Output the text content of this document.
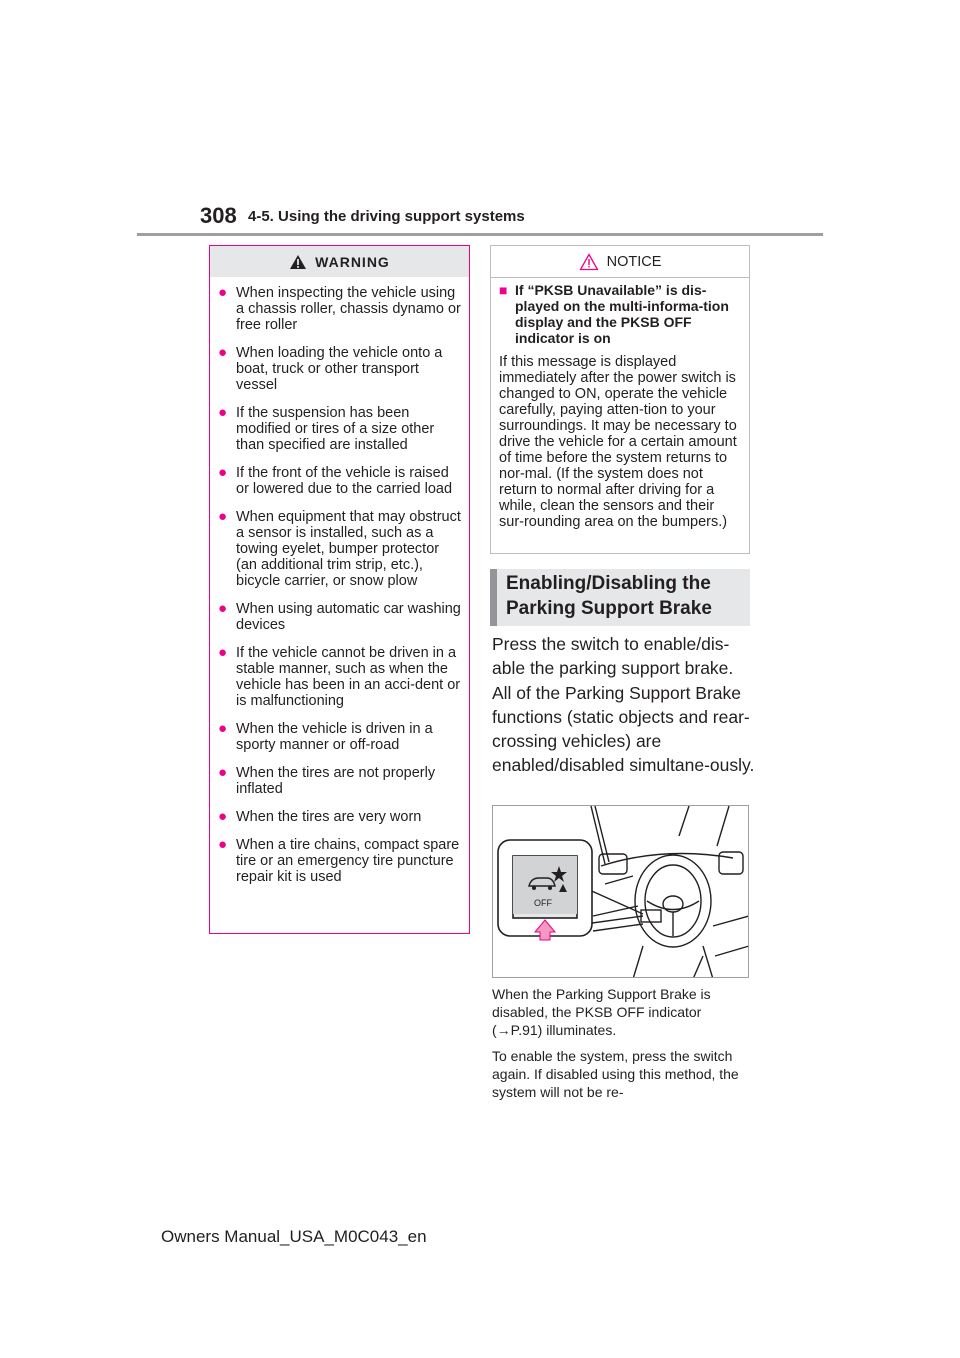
308 4-5. Using the driving support systems
WARNING
● When inspecting the vehicle using a chassis roller, chassis dynamo or free roller
● When loading the vehicle onto a boat, truck or other transport vessel
● If the suspension has been modified or tires of a size other than specified are installed
● If the front of the vehicle is raised or lowered due to the carried load
● When equipment that may obstruct a sensor is installed, such as a towing eyelet, bumper protector (an additional trim strip, etc.), bicycle carrier, or snow plow
● When using automatic car washing devices
● If the vehicle cannot be driven in a stable manner, such as when the vehicle has been in an acci-dent or is malfunctioning
● When the vehicle is driven in a sporty manner or off-road
● When the tires are not properly inflated
● When the tires are very worn
● When a tire chains, compact spare tire or an emergency tire puncture repair kit is used
NOTICE
■ If “PKSB Unavailable” is dis-played on the multi-informa-tion display and the PKSB OFF indicator is on
If this message is displayed immediately after the power switch is changed to ON, operate the vehicle carefully, paying atten-tion to your surroundings. It may be necessary to drive the vehicle for a certain amount of time before the system returns to nor-mal. (If the system does not return to normal after driving for a while, clean the sensors and their sur-rounding area on the bumpers.)
Enabling/Disabling the Parking Support Brake
Press the switch to enable/dis-able the parking support brake.
All of the Parking Support Brake functions (static objects and rear-crossing vehicles) are enabled/disabled simultane-ously.
OFF
When the Parking Support Brake is disabled, the PKSB OFF indicator (→P.91) illuminates.
To enable the system, press the switch again. If disabled using this method, the system will not be re-
Owners Manual_USA_M0C043_en
